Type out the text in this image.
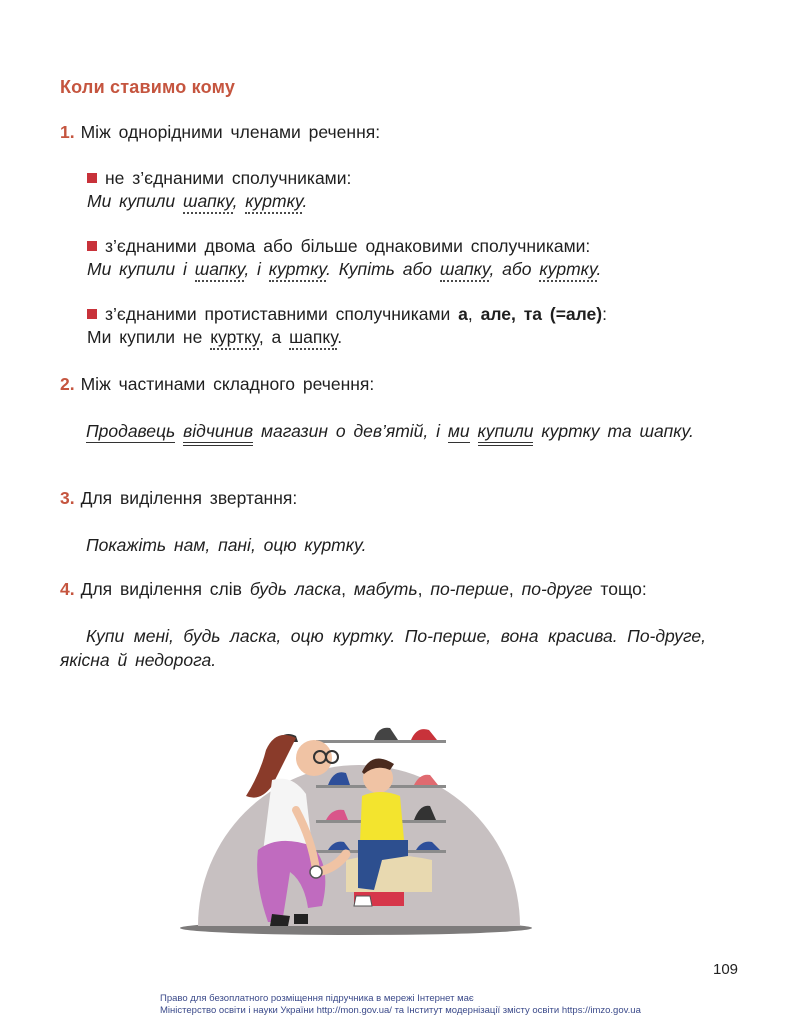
Коли ставимо кому
1. Між однорідними членами речення:
не з’єднаними сполучниками:
Ми купили шапку, куртку.
з’єднаними двома або більше однаковими сполучниками:
Ми купили і шапку, і куртку. Купіть або шапку, або куртку.
з’єднаними протиставними сполучниками а, але, та (=але):
Ми купили не куртку, а шапку.
2. Між частинами складного речення:
Продавець відчинив магазин о дев’ятій, і ми купили куртку та шапку.
3. Для виділення звертання:
Покажіть нам, пані, оцю куртку.
4. Для виділення слів будь ласка, мабуть, по-перше, по-друге тощо:
Купи мені, будь ласка, оцю куртку. По-перше, вона красива. По-друге, якісна й недорога.
109
Право для безоплатного розміщення підручника в мережі Інтернет має
Міністерство освіти і науки України http://mon.gov.ua/ та Інститут модернізації змісту освіти https://imzo.gov.ua
